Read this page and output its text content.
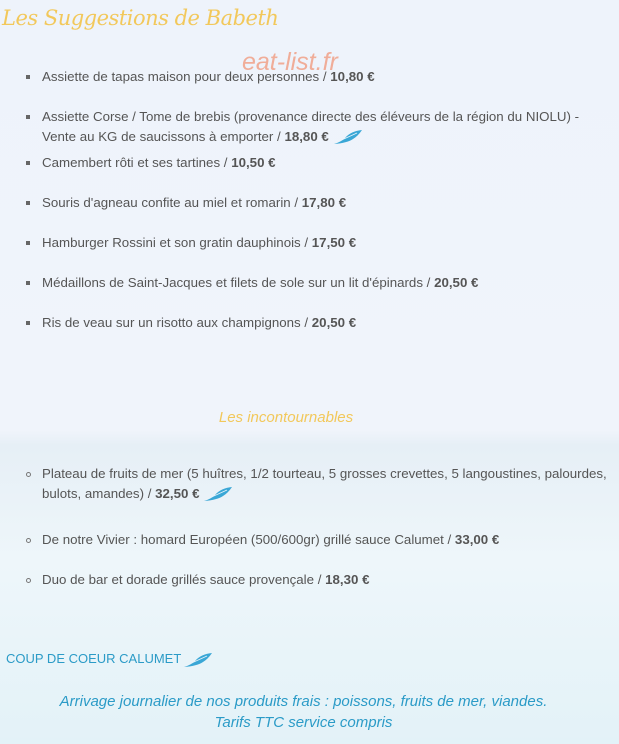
Les Suggestions de Babeth
eat-list.fr
Assiette de tapas maison pour deux personnes / 10,80 €
Assiette Corse / Tome de brebis (provenance directe des éléveurs de la région du NIOLU) - Vente au KG de saucissons à emporter / 18,80 €
Camembert rôti et ses tartines / 10,50 €
Souris d'agneau confite au miel et romarin / 17,80 €
Hamburger Rossini et son gratin dauphinois / 17,50 €
Médaillons de Saint-Jacques et filets de sole sur un lit d'épinards / 20,50 €
Ris de veau sur un risotto aux champignons / 20,50 €
Les incontournables
Plateau de fruits de mer (5 huîtres, 1/2 tourteau, 5 grosses crevettes, 5 langoustines, palourdes, bulots, amandes) / 32,50 €
De notre Vivier : homard Européen (500/600gr) grillé sauce Calumet / 33,00 €
Duo de bar et dorade grillés sauce provençale / 18,30 €
COUP DE COEUR CALUMET
Arrivage journalier de nos produits frais : poissons, fruits de mer, viandes.
Tarifs TTC service compris
